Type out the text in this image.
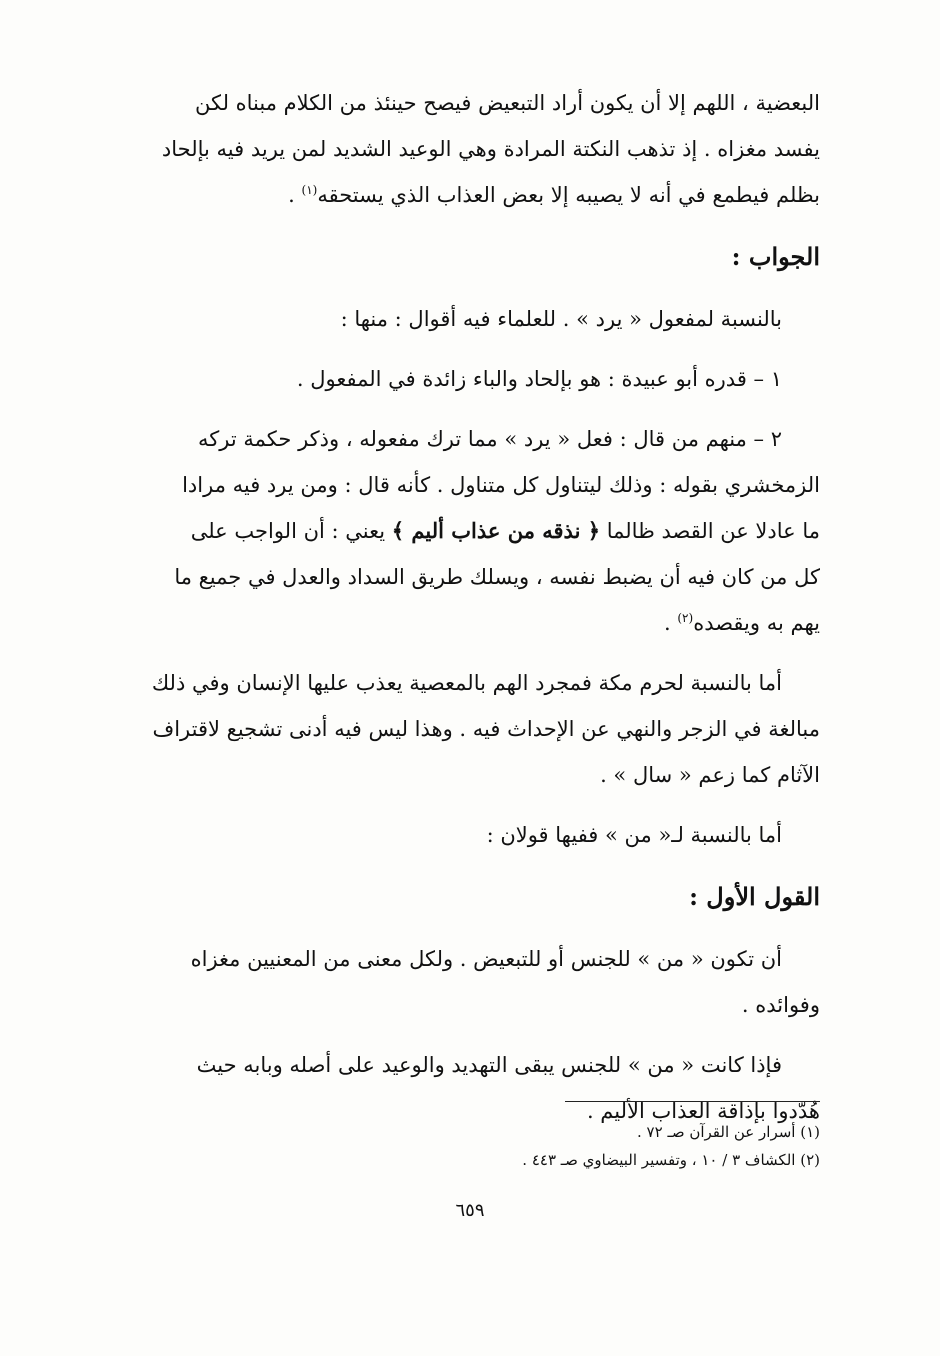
البعضية ، اللهم إلا أن يكون أراد التبعيض فيصح حينئذ من الكلام مبناه لكن

يفسد مغزاه . إذ تذهب النكتة المرادة وهي الوعيد الشديد لمن يريد فيه بإلحاد

بظلم فيطمع في أنه لا يصيبه إلا بعض العذاب الذي يستحقه$^{(١)}$ .

الجواب :

بالنسبة لمفعول « يرد » . للعلماء فيه أقوال : منها :

١ – قدره أبو عبيدة : هو بإلحاد والباء زائدة في المفعول .

٢ – منهم من قال : فعل « يرد » مما ترك مفعوله ، وذكر حكمة تركه

الزمخشري بقوله : وذلك ليتناول كل متناول . كأنه قال : ومن يرد فيه مرادا

ما عادلا عن القصد ظالما ﴿ نذقه من عذاب أليم ﴾ يعني : أن الواجب على

كل من كان فيه أن يضبط نفسه ، ويسلك طريق السداد والعدل في جميع ما

يهم به ويقصده$^{(٢)}$ .

أما بالنسبة لحرم مكة فمجرد الهم بالمعصية يعذب عليها الإنسان وفي ذلك

مبالغة في الزجر والنهي عن الإحداث فيه . وهذا ليس فيه أدنى تشجيع لاقتراف

الآثام كما زعم « سال » .

أما بالنسبة لـ« من » ففيها قولان :

القول الأول :

أن تكون « من » للجنس أو للتبعيض . ولكل معنى من المعنيين مغزاه

وفوائده .

فإذا كانت « من » للجنس يبقى التهديد والوعيد على أصله وبابه حيث

هُدّدوا بإذاقة العذاب الأليم .

(١) أسرار عن القرآن صـ ٧٢ .

(٢) الكشاف ٣ / ١٠ ، وتفسير البيضاوي صـ ٤٤٣ .

٦٥٩
